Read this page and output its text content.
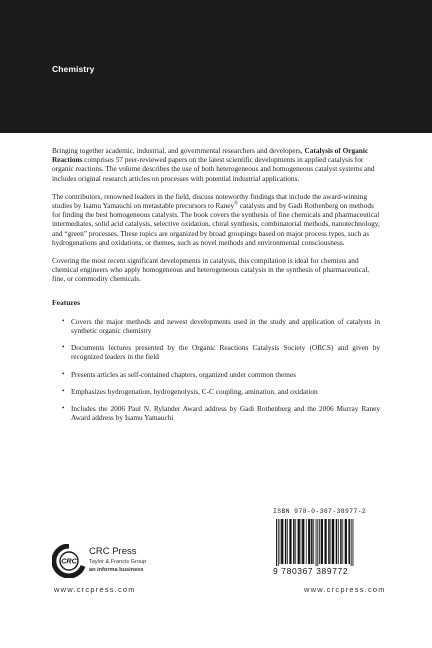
Chemistry

Bringing together academic, industrial, and governmental researchers and developers, Catalysis of Organic Reactions comprises 57 peer-reviewed papers on the latest scientific developments in applied catalysis for organic reactions. The volume describes the use of both heterogeneous and homogeneous catalyst systems and includes original research articles on processes with potential industrial applications.

The contributors, renowned leaders in the field, discuss noteworthy findings that include the award-winning studies by Isamu Yamauchi on metastable precursors to Raney® catalysts and by Gadi Rothenberg on methods for finding the best homogeneous catalysts. The book covers the synthesis of fine chemicals and pharmaceutical intermediates, solid acid catalysis, selective oxidation, chiral synthesis, combinatorial methods, nanotechnology, and “green” processes. These topics are organized by broad groupings based on major process types, such as hydrogenations and oxidations, or themes, such as novel methods and environmental consciousness.

Covering the most recent significant developments in catalysis, this compilation is ideal for chemists and chemical engineers who apply homogeneous and heterogeneous catalysis in the synthesis of pharmaceutical, fine, or commodity chemicals.

Features
• Covers the major methods and newest developments used in the study and application of catalysts in synthetic organic chemistry
• Documents lectures presented by the Organic Reactions Catalysis Society (ORCS) and given by recognized leaders in the field
• Presents articles as self-contained chapters, organized under common themes
• Emphasizes hydrogenation, hydrogenolysis, C-C coupling, amination, and oxidation
• Includes the 2006 Paul N. Rylander Award address by Gadi Rothenberg and the 2006 Murray Raney Award address by Isamu Yamauchi
ISBN 978-0-367-38977-2
9 780367 389772
CRC
CRC Press
Taylor & Francis Group
an informa business
www.crcpress.com	www.crcpress.com
